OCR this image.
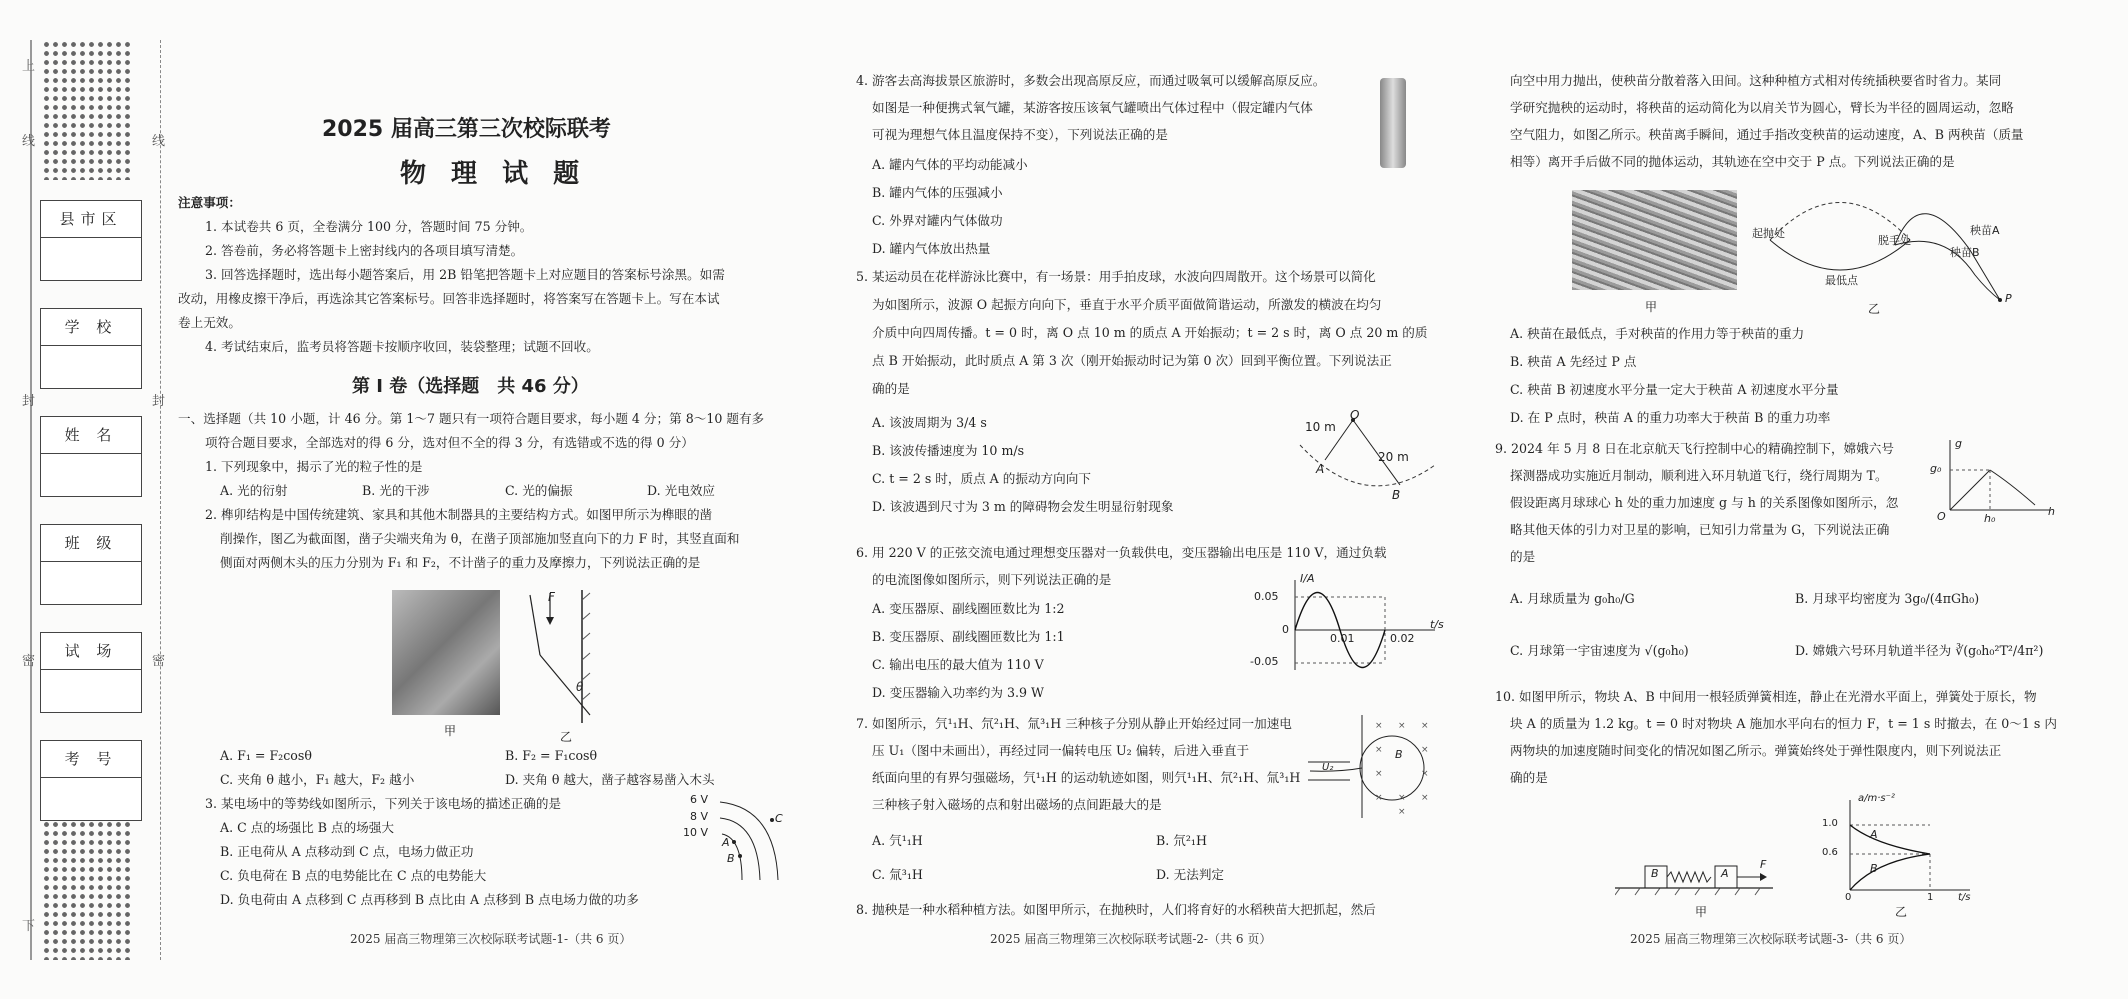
上
下
线	线
封	封
密	密
县市区
学 校
姓 名
班 级
试 场
考 号
2025 届高三第三次校际联考
物 理 试 题
注意事项：
1. 本试卷共 6 页，全卷满分 100 分，答题时间 75 分钟。
2. 答卷前，务必将答题卡上密封线内的各项目填写清楚。
3. 回答选择题时，选出每小题答案后，用 2B 铅笔把答题卡上对应题目的答案标号涂黑。如需
改动，用橡皮擦干净后，再选涂其它答案标号。回答非选择题时，将答案写在答题卡上。写在本试
卷上无效。
4. 考试结束后，监考员将答题卡按顺序收回，装袋整理；试题不回收。
第 Ⅰ 卷（选择题　共 46 分）
一、选择题（共 10 小题，计 46 分。第 1～7 题只有一项符合题目要求，每小题 4 分；第 8～10 题有多
项符合题目要求，全部选对的得 6 分，选对但不全的得 3 分，有选错或不选的得 0 分）
1. 下列现象中，揭示了光的粒子性的是
A. 光的衍射	B. 光的干涉	C. 光的偏振	D. 光电效应
2. 榫卯结构是中国传统建筑、家具和其他木制器具的主要结构方式。如图甲所示为榫眼的凿
削操作，图乙为截面图，凿子尖端夹角为 θ，在凿子顶部施加竖直向下的力 F 时，其竖直面和
侧面对两侧木头的压力分别为 F₁ 和 F₂，不计凿子的重力及摩擦力，下列说法正确的是
F
θ
甲	乙
A. F₁ = F₂cosθ	B. F₂ = F₁cosθ
C. 夹角 θ 越小，F₁ 越大，F₂ 越小	D. 夹角 θ 越大，凿子越容易凿入木头
3. 某电场中的等势线如图所示，下列关于该电场的描述正确的是
A. C 点的场强比 B 点的场强大
B. 正电荷从 A 点移动到 C 点，电场力做正功
C. 负电荷在 B 点的电势能比在 C 点的电势能大
D. 负电荷由 A 点移到 C 点再移到 B 点比由 A 点移到 B 点电场力做的功多
6 V
8 V
10 V
A
B
C
2025 届高三物理第三次校际联考试题-1-（共 6 页）
4. 游客去高海拔景区旅游时，多数会出现高原反应，而通过吸氧可以缓解高原反应。
如图是一种便携式氧气罐，某游客按压该氧气罐喷出气体过程中（假定罐内气体
可视为理想气体且温度保持不变），下列说法正确的是
A. 罐内气体的平均动能减小
B. 罐内气体的压强减小
C. 外界对罐内气体做功
D. 罐内气体放出热量
5. 某运动员在花样游泳比赛中，有一场景：用手拍皮球，水波向四周散开。这个场景可以简化
为如图所示，波源 O 起振方向向下，垂直于水平介质平面做简谐运动，所激发的横波在均匀
介质中向四周传播。t = 0 时，离 O 点 10 m 的质点 A 开始振动；t = 2 s 时，离 O 点 20 m 的质
点 B 开始振动，此时质点 A 第 3 次（刚开始振动时记为第 0 次）回到平衡位置。下列说法正
确的是
A. 该波周期为 3/4 s
B. 该波传播速度为 10 m/s
C. t = 2 s 时，质点 A 的振动方向向下
D. 该波遇到尺寸为 3 m 的障碍物会发生明显衍射现象
O
10 m
20 m
A
B
6. 用 220 V 的正弦交流电通过理想变压器对一负载供电，变压器输出电压是 110 V，通过负载
的电流图像如图所示，则下列说法正确的是
A. 变压器原、副线圈匝数比为 1:2
B. 变压器原、副线圈匝数比为 1:1
C. 输出电压的最大值为 110 V
D. 变压器输入功率约为 3.9 W
I/A
0.05
0
0.01	0.02
t/s
-0.05
7. 如图所示，氕¹₁H、氘²₁H、氚³₁H 三种核子分别从静止开始经过同一加速电
压 U₁（图中未画出），再经过同一偏转电压 U₂ 偏转，后进入垂直于
纸面向里的有界匀强磁场，氕¹₁H 的运动轨迹如图，则氕¹₁H、氘²₁H、氚³₁H
三种核子射入磁场的点和射出磁场的点间距最大的是
A. 氕¹₁H	B. 氘²₁H
C. 氚³₁H	D. 无法判定
× × ×
×	×
×	×
× × ×
×
U₂
B
8. 抛秧是一种水稻种植方法。如图甲所示，在抛秧时，人们将育好的水稻秧苗大把抓起，然后
2025 届高三物理第三次校际联考试题-2-（共 6 页）
向空中用力抛出，使秧苗分散着落入田间。这种种植方式相对传统插秧要省时省力。某同
学研究抛秧的运动时，将秧苗的运动简化为以肩关节为圆心，臂长为半径的圆周运动，忽略
空气阻力，如图乙所示。秧苗离手瞬间，通过手指改变秧苗的运动速度，A、B 两秧苗（质量
相等）离开手后做不同的抛体运动，其轨迹在空中交于 P 点。下列说法正确的是
甲
起抛处
脱手处
秧苗A
秧苗B
最低点
P
乙
A. 秧苗在最低点，手对秧苗的作用力等于秧苗的重力
B. 秧苗 A 先经过 P 点
C. 秧苗 B 初速度水平分量一定大于秧苗 A 初速度水平分量
D. 在 P 点时，秧苗 A 的重力功率大于秧苗 B 的重力功率
9. 2024 年 5 月 8 日在北京航天飞行控制中心的精确控制下，嫦娥六号
探测器成功实施近月制动，顺利进入环月轨道飞行，绕行周期为 T。
假设距离月球球心 h 处的重力加速度 g 与 h 的关系图像如图所示，忽
略其他天体的引力对卫星的影响，已知引力常量为 G，下列说法正确
的是
g
g₀
O	h₀
h
A. 月球质量为 g₀h₀/G	B. 月球平均密度为 3g₀/(4πGh₀)
C. 月球第一宇宙速度为 √(g₀h₀)	D. 嫦娥六号环月轨道半径为 ∛(g₀h₀²T²/4π²)
10. 如图甲所示，物块 A、B 中间用一根轻质弹簧相连，静止在光滑水平面上，弹簧处于原长，物
块 A 的质量为 1.2 kg。t = 0 时对物块 A 施加水平向右的恒力 F，t = 1 s 时撤去，在 0～1 s 内
两物块的加速度随时间变化的情况如图乙所示。弹簧始终处于弹性限度内，则下列说法正
确的是
B	A
F
甲
a/m·s⁻²
1.0
0.6
A
B
0	1 t/s
乙
2025 届高三物理第三次校际联考试题-3-（共 6 页）
